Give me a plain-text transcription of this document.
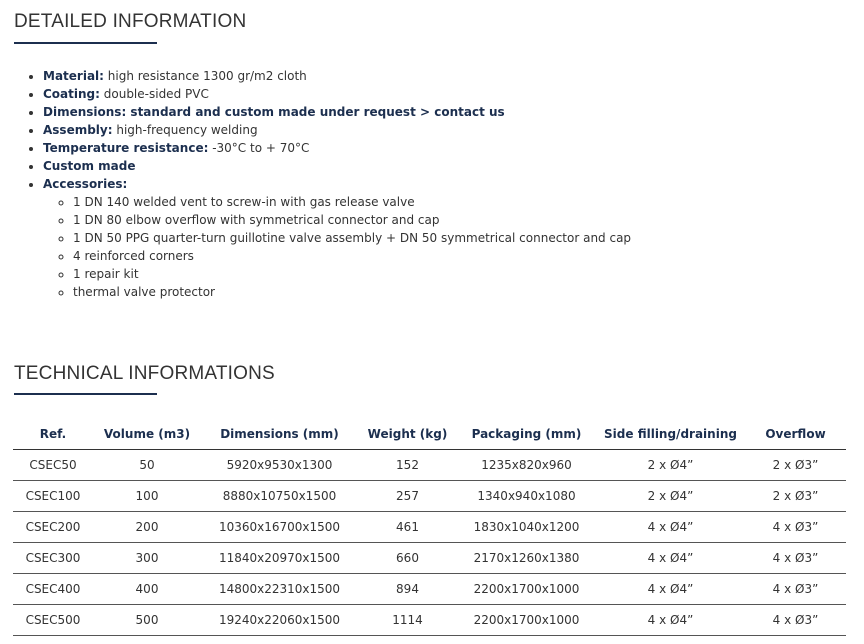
DETAILED INFORMATION
• Material: high resistance 1300 gr/m2 cloth
• Coating: double-sided PVC
• Dimensions: standard and custom made under request > contact us
• Assembly: high-frequency welding
• Temperature resistance: -30°C to + 70°C
• Custom made
• Accessories:
◦ 1 DN 140 welded vent to screw-in with gas release valve
◦ 1 DN 80 elbow overflow with symmetrical connector and cap
◦ 1 DN 50 PPG quarter-turn guillotine valve assembly + DN 50 symmetrical connector and cap
◦ 4 reinforced corners
◦ 1 repair kit
◦ thermal valve protector
TECHNICAL INFORMATIONS
Ref.	Volume (m3)	Dimensions (mm)	Weight (kg)	Packaging (mm)	Side filling/draining	Overflow
CSEC50	50	5920x9530x1300	152	1235x820x960	2 x Ø4”	2 x Ø3”
CSEC100	100	8880x10750x1500	257	1340x940x1080	2 x Ø4”	2 x Ø3”
CSEC200	200	10360x16700x1500	461	1830x1040x1200	4 x Ø4”	4 x Ø3”
CSEC300	300	11840x20970x1500	660	2170x1260x1380	4 x Ø4”	4 x Ø3”
CSEC400	400	14800x22310x1500	894	2200x1700x1000	4 x Ø4”	4 x Ø3”
CSEC500	500	19240x22060x1500	1114	2200x1700x1000	4 x Ø4”	4 x Ø3”
